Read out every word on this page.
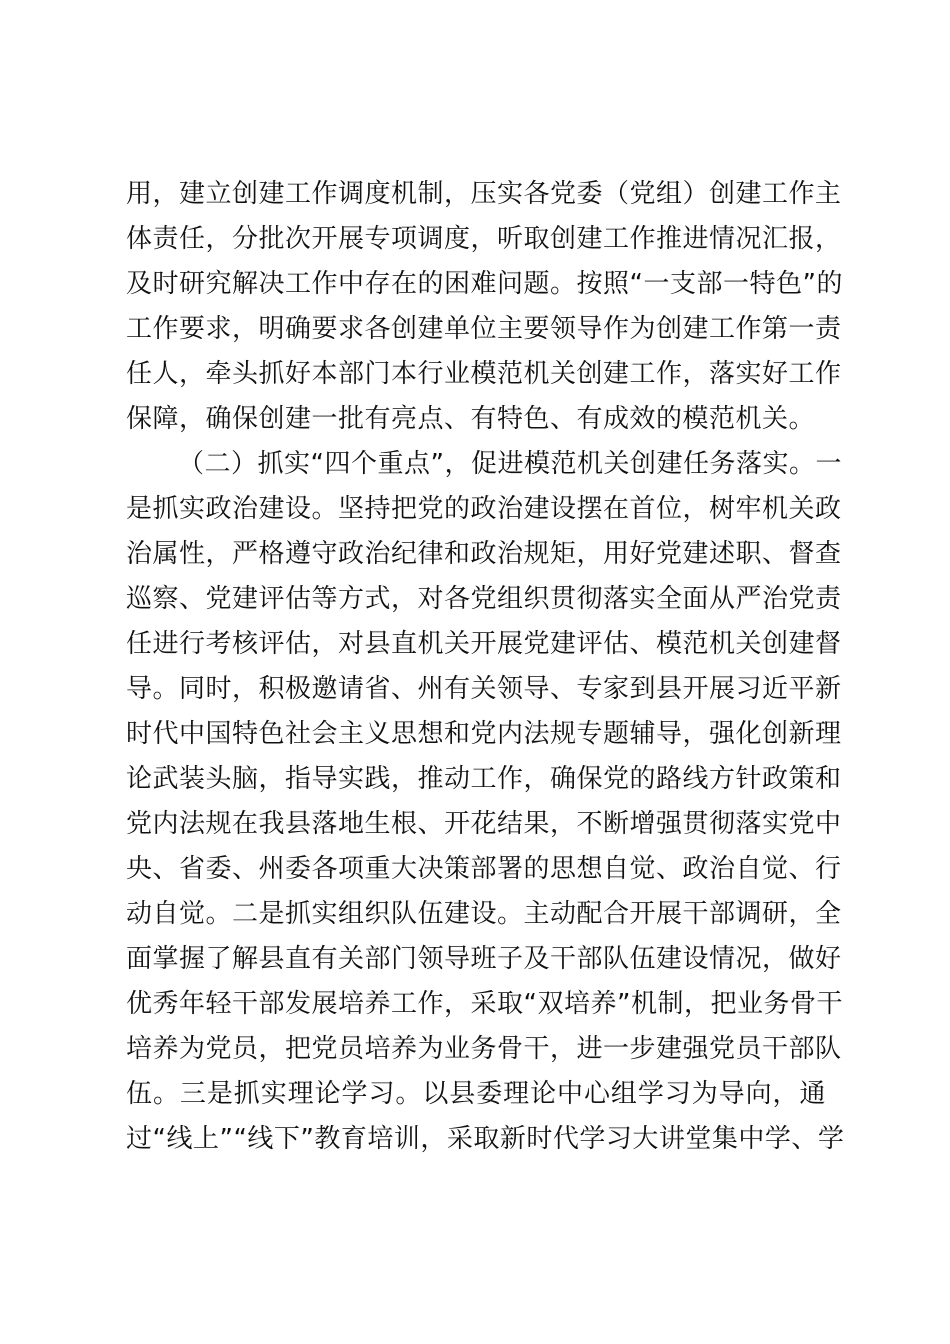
用，建立创建工作调度机制，压实各党委（党组）创建工作主
体责任，分批次开展专项调度，听取创建工作推进情况汇报，
及时研究解决工作中存在的困难问题。按照“一支部一特色”的
工作要求，明确要求各创建单位主要领导作为创建工作第一责
任人，牵头抓好本部门本行业模范机关创建工作，落实好工作
保障，确保创建一批有亮点、有特色、有成效的模范机关。
（二）抓实“四个重点”，促进模范机关创建任务落实。一
是抓实政治建设。坚持把党的政治建设摆在首位，树牢机关政
治属性，严格遵守政治纪律和政治规矩，用好党建述职、督查
巡察、党建评估等方式，对各党组织贯彻落实全面从严治党责
任进行考核评估，对县直机关开展党建评估、模范机关创建督
导。同时，积极邀请省、州有关领导、专家到县开展习近平新
时代中国特色社会主义思想和党内法规专题辅导，强化创新理
论武装头脑，指导实践，推动工作，确保党的路线方针政策和
党内法规在我县落地生根、开花结果，不断增强贯彻落实党中
央、省委、州委各项重大决策部署的思想自觉、政治自觉、行
动自觉。二是抓实组织队伍建设。主动配合开展干部调研，全
面掌握了解县直有关部门领导班子及干部队伍建设情况，做好
优秀年轻干部发展培养工作，采取“双培养”机制，把业务骨干
培养为党员，把党员培养为业务骨干，进一步建强党员干部队
伍。三是抓实理论学习。以县委理论中心组学习为导向，通
过“线上”“线下”教育培训，采取新时代学习大讲堂集中学、学
